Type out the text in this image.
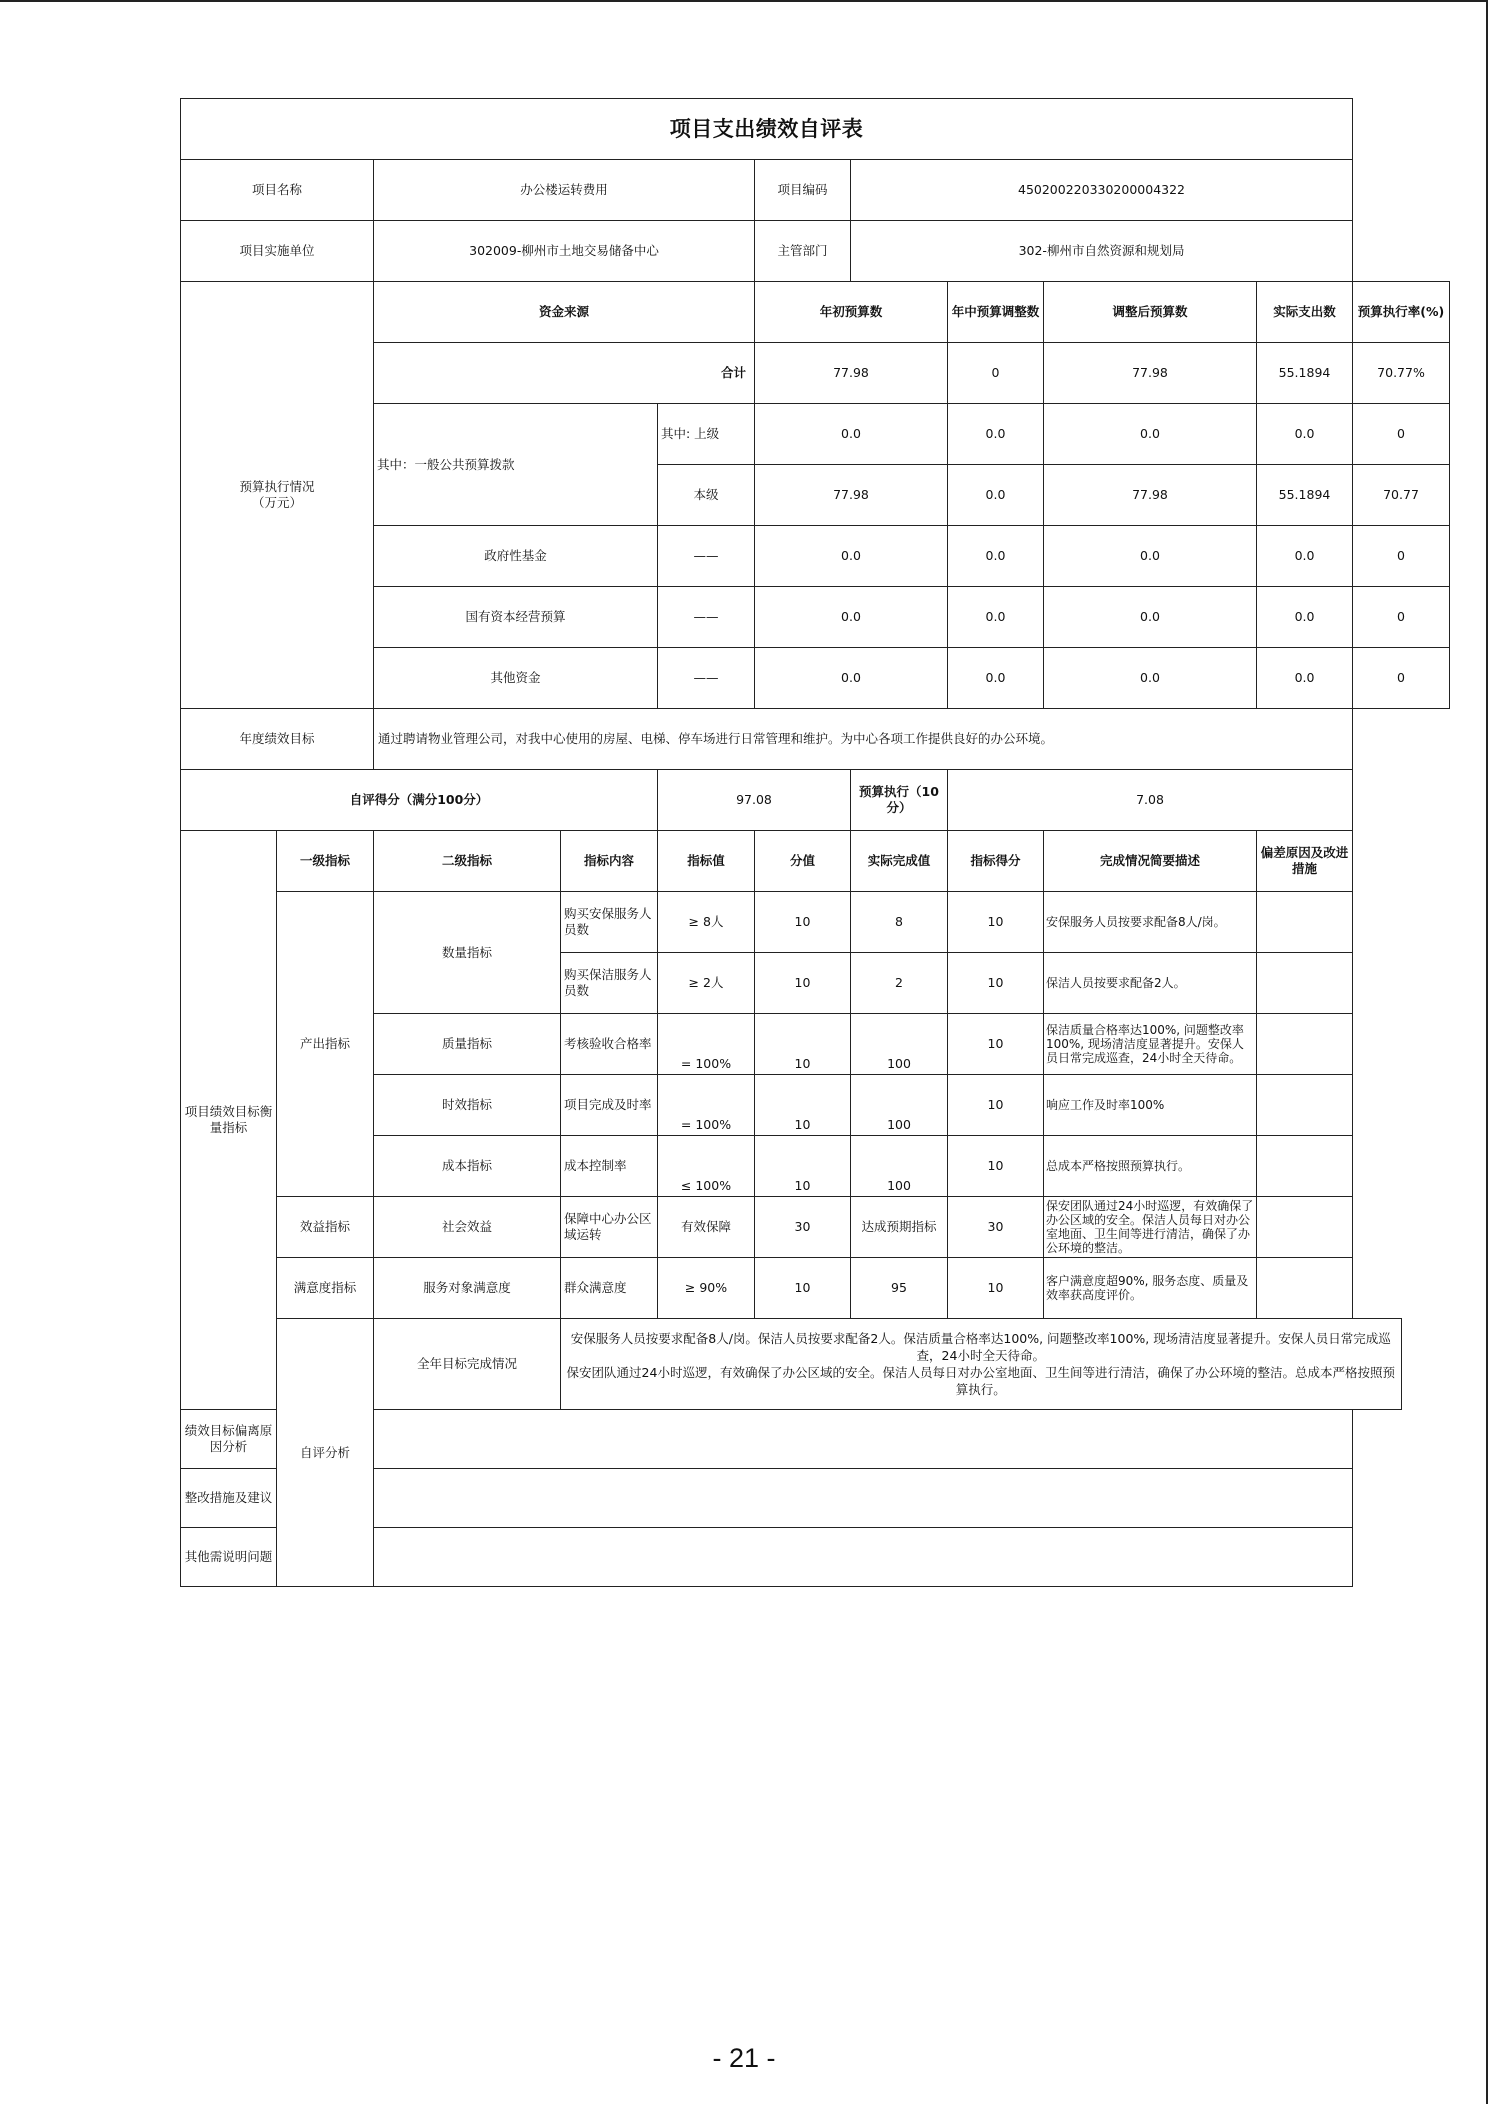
项目支出绩效自评表										
项目名称		办公楼运转费用			项目编码	450200220330200004322				
项目实施单位		302009-柳州市土地交易储备中心			主管部门	302-柳州市自然资源和规划局				

预算执行情况
（万元）		资金来源			年初预算数		年中预算调整数	调整后预算数	实际支出数	预算执行率(%)
		合计			77.98		0	77.98	55.1894	70.77%
		其中：一般公共预算拨款		其中: 上级	0.0		0.0	0.0	0.0	0
				本级	77.98		0.0	77.98	55.1894	70.77
		政府性基金		——	0.0		0.0	0.0	0.0	0
		国有资本经营预算		——	0.0		0.0	0.0	0.0	0
		其他资金		——	0.0		0.0	0.0	0.0	0
年度绩效目标		通过聘请物业管理公司，对我中心使用的房屋、电梯、停车场进行日常管理和维护。为中心各项工作提供良好的办公环境。								
自评得分（满分100分）				97.08		预算执行（10分）	7.08			
项目绩效目标衡量指标	一级指标	二级指标	指标内容	指标值	分值	实际完成值	指标得分	完成情况简要描述	偏差原因及改进措施	
	产出指标	数量指标	购买安保服务人员数	≥ 8人	10	8	10	安保服务人员按要求配备8人/岗。		
			购买保洁服务人员数	≥ 2人	10	2	10	保洁人员按要求配备2人。		
		质量指标	考核验收合格率	= 100%	10	100	10	保洁质量合格率达100%, 问题整改率100%, 现场清洁度显著提升。安保人员日常完成巡查，24小时全天待命。		
		时效指标	项目完成及时率	= 100%	10	100	10	响应工作及时率100%		
		成本指标	成本控制率	≤ 100%	10	100	10	总成本严格按照预算执行。		
	效益指标	社会效益	保障中心办公区域运转	有效保障	30	达成预期指标	30	保安团队通过24小时巡逻，有效确保了办公区域的安全。保洁人员每日对办公室地面、卫生间等进行清洁，确保了办公环境的整洁。		
	满意度指标	服务对象满意度	群众满意度	≥ 90%	10	95	10	客户满意度超90%, 服务态度、质量及效率获高度评价。		
	自评分析	全年目标完成情况	安保服务人员按要求配备8人/岗。保洁人员按要求配备2人。保洁质量合格率达100%, 问题整改率100%, 现场清洁度显著提升。安保人员日常完成巡查，24小时全天待命。
保安团队通过24小时巡逻，有效确保了办公区域的安全。保洁人员每日对办公室地面、卫生间等进行清洁，确保了办公环境的整洁。总成本严格按照预算执行。							

绩效目标偏离原因分析										
整改措施及建议										
其他需说明问题										
- 21 -
